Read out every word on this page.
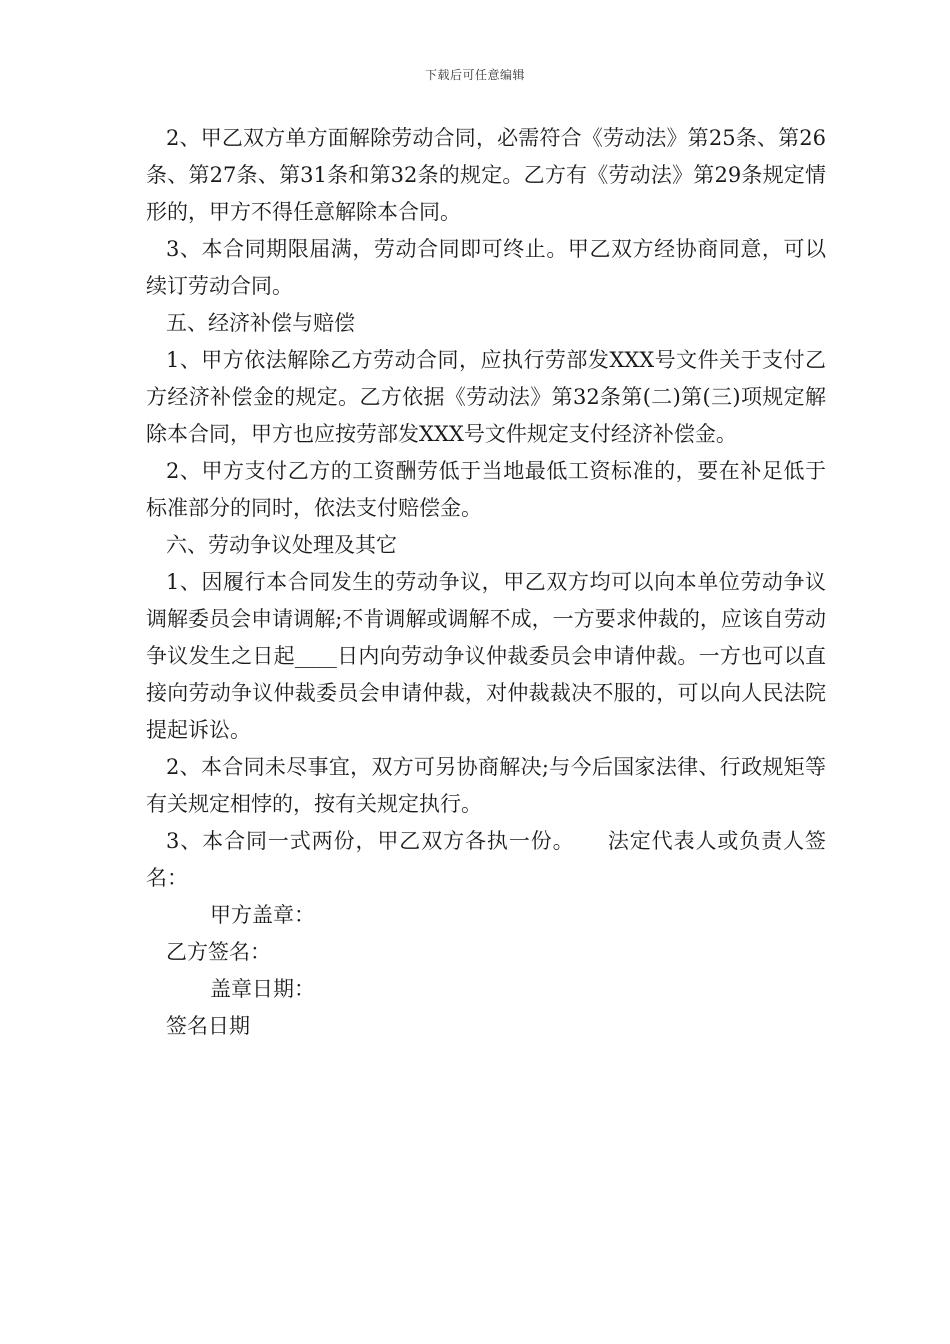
下载后可任意编辑

2、甲乙双方单方面解除劳动合同，必需符合《劳动法》第25条、第26条、第27条、第31条和第32条的规定。乙方有《劳动法》第29条规定情形的，甲方不得任意解除本合同。

3、本合同期限届满，劳动合同即可终止。甲乙双方经协商同意，可以续订劳动合同。

五、经济补偿与赔偿

1、甲方依法解除乙方劳动合同，应执行劳部发XXX号文件关于支付乙方经济补偿金的规定。乙方依据《劳动法》第32条第(二)第(三)项规定解除本合同，甲方也应按劳部发XXX号文件规定支付经济补偿金。

2、甲方支付乙方的工资酬劳低于当地最低工资标准的，要在补足低于标准部分的同时，依法支付赔偿金。

六、劳动争议处理及其它

1、因履行本合同发生的劳动争议，甲乙双方均可以向本单位劳动争议调解委员会申请调解;不肯调解或调解不成，一方要求仲裁的，应该自劳动争议发生之日起____日内向劳动争议仲裁委员会申请仲裁。一方也可以直接向劳动争议仲裁委员会申请仲裁，对仲裁裁决不服的，可以向人民法院提起诉讼。

2、本合同未尽事宜，双方可另协商解决;与今后国家法律、行政规矩等有关规定相悖的，按有关规定执行。

3、本合同一式两份，甲乙双方各执一份。　　法定代表人或负责人签名：

甲方盖章：

乙方签名：

盖章日期：

签名日期
